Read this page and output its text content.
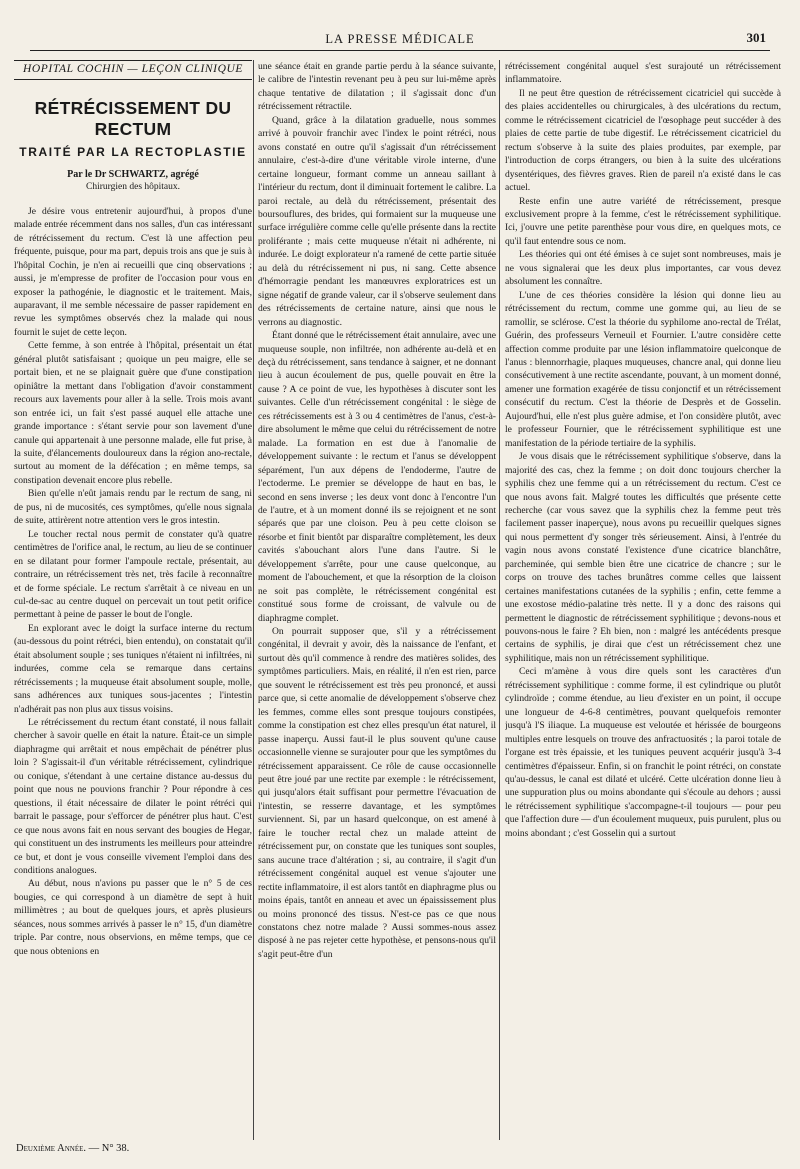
LA PRESSE MÉDICALE	301
HOPITAL COCHIN — LEÇON CLINIQUE
RÉTRÉCISSEMENT DU RECTUM
TRAITÉ PAR LA RECTOPLASTIE
Par le Dr SCHWARTZ, agrégé
Chirurgien des hôpitaux.

Je désire vous entretenir aujourd'hui, à propos d'une malade entrée récemment dans nos salles, d'un cas intéressant de rétrécissement du rectum. C'est là une affection peu fréquente, puisque, pour ma part, depuis trois ans que je suis à l'hôpital Cochin, je n'en ai recueilli que cinq observations ; aussi, je m'empresse de profiter de l'occasion pour vous en exposer la pathogénie, le diagnostic et le traitement. Mais, auparavant, il me semble nécessaire de passer rapidement en revue les symptômes observés chez la malade qui nous fournit le sujet de cette leçon.

Cette femme, à son entrée à l'hôpital, présentait un état général plutôt satisfaisant ; quoique un peu maigre, elle se portait bien, et ne se plaignait guère que d'une constipation opiniâtre la mettant dans l'obligation d'avoir constamment recours aux lavements pour aller à la selle. Trois mois avant son entrée ici, un fait s'est passé auquel elle attache une grande importance : s'étant servie pour son lavement d'une canule qui appartenait à une personne malade, elle fut prise, à la suite, d'élancements douloureux dans la région ano-rectale, surtout au moment de la défécation ; en même temps, sa constipation devenait encore plus rebelle.

Bien qu'elle n'eût jamais rendu par le rectum de sang, ni de pus, ni de mucosités, ces symptômes, qu'elle nous signala de suite, attirèrent notre attention vers le gros intestin.

Le toucher rectal nous permit de constater qu'à quatre centimètres de l'orifice anal, le rectum, au lieu de se continuer en se dilatant pour former l'ampoule rectale, présentait, au contraire, un rétrécissement très net, très facile à reconnaître et de forme spéciale. Le rectum s'arrêtait à ce niveau en un cul-de-sac au centre duquel on percevait un tout petit orifice permettant à peine de passer le bout de l'ongle.

En explorant avec le doigt la surface interne du rectum (au-dessous du point rétréci, bien entendu), on constatait qu'il était absolument souple ; ses tuniques n'étaient ni infiltrées, ni indurées, comme cela se remarque dans certains rétrécissements ; la muqueuse était absolument souple, molle, sans adhérences aux tuniques sous-jacentes ; l'intestin n'adhérait pas non plus aux tissus voisins.

Le rétrécissement du rectum étant constaté, il nous fallait chercher à savoir quelle en était la nature. Était-ce un simple diaphragme qui arrêtait et nous empêchait de pénétrer plus loin ? S'agissait-il d'un véritable rétrécissement, cylindrique ou conique, s'étendant à une certaine distance au-dessus du point que nous ne pouvions franchir ? Pour répondre à ces questions, il était nécessaire de dilater le point rétréci qui barrait le passage, pour s'efforcer de pénétrer plus haut. C'est ce que nous avons fait en nous servant des bougies de Hegar, qui constituent un des instruments les meilleurs pour atteindre ce but, et dont je vous conseille vivement l'emploi dans des conditions analogues.

Au début, nous n'avions pu passer que le n° 5 de ces bougies, ce qui correspond à un diamètre de sept à huit millimètres ; au bout de quelques jours, et après plusieurs séances, nous sommes arrivés à passer le n° 15, d'un diamètre triple. Par contre, nous observions, en même temps, que ce que nous obtenions en

une séance était en grande partie perdu à la séance suivante, le calibre de l'intestin revenant peu à peu sur lui-même après chaque tentative de dilatation ; il s'agissait donc d'un rétrécissement rétractile.

Quand, grâce à la dilatation graduelle, nous sommes arrivé à pouvoir franchir avec l'index le point rétréci, nous avons constaté en outre qu'il s'agissait d'un rétrécissement annulaire, c'est-à-dire d'une véritable virole interne, d'une certaine longueur, formant comme un anneau saillant à l'intérieur du rectum, dont il diminuait fortement le calibre. La paroi rectale, au delà du rétrécissement, présentait des boursouflures, des brides, qui formaient sur la muqueuse une surface irrégulière comme celle qu'elle présente dans la rectite proliférante ; mais cette muqueuse n'était ni adhérente, ni indurée. Le doigt explorateur n'a ramené de cette partie située au delà du rétrécissement ni pus, ni sang. Cette absence d'hémorragie pendant les manœuvres exploratrices est un signe négatif de grande valeur, car il s'observe seulement dans des rétrécissements de certaine nature, ainsi que nous le verrons au diagnostic.

Étant donné que le rétrécissement était annulaire, avec une muqueuse souple, non infiltrée, non adhérente au-delà et en deçà du rétrécissement, sans tendance à saigner, et ne donnant lieu à aucun écoulement de pus, quelle pouvait en être la cause ? A ce point de vue, les hypothèses à discuter sont les suivantes. Celle d'un rétrécissement congénital : le siège de ces rétrécissements est à 3 ou 4 centimètres de l'anus, c'est-à-dire absolument le même que celui du rétrécissement de notre malade. La formation en est due à l'anomalie de développement suivante : le rectum et l'anus se développent séparément, l'un aux dépens de l'endoderme, l'autre de l'ectoderme. Le premier se développe de haut en bas, le second en sens inverse ; les deux vont donc à l'encontre l'un de l'autre, et à un moment donné ils se rejoignent et ne sont séparés que par une cloison. Peu à peu cette cloison se résorbe et finit bientôt par disparaître complètement, les deux cavités s'abouchant alors l'une dans l'autre. Si le développement s'arrête, pour une cause quelconque, au moment de l'abouchement, et que la résorption de la cloison ne soit pas complète, le rétrécissement congénital est constitué sous forme de croissant, de valvule ou de diaphragme complet.

On pourrait supposer que, s'il y a rétrécissement congénital, il devrait y avoir, dès la naissance de l'enfant, et surtout dès qu'il commence à rendre des matières solides, des symptômes particuliers. Mais, en réalité, il n'en est rien, parce que souvent le rétrécissement est très peu prononcé, et aussi parce que, si cette anomalie de développement s'observe chez les femmes, comme elles sont presque toujours constipées, comme la constipation est chez elles presqu'un état naturel, il passe inaperçu. Aussi faut-il le plus souvent qu'une cause occasionnelle vienne se surajouter pour que les symptômes du rétrécissement apparaissent. Ce rôle de cause occasionnelle peut être joué par une rectite par exemple : le rétrécissement, qui jusqu'alors était suffisant pour permettre l'évacuation de l'intestin, se resserre davantage, et les symptômes surviennent. Si, par un hasard quelconque, on est amené à faire le toucher rectal chez un malade atteint de rétrécissement pur, on constate que les tuniques sont souples, sans aucune trace d'altération ; si, au contraire, il s'agit d'un rétrécissement congénital auquel est venue s'ajouter une rectite inflammatoire, il est alors tantôt en diaphragme plus ou moins épais, tantôt en anneau et avec un épaississement plus ou moins prononcé des tissus. N'est-ce pas ce que nous constatons chez notre malade ? Aussi sommes-nous assez disposé à ne pas rejeter cette hypothèse, et pensons-nous qu'il s'agit peut-être d'un

rétrécissement congénital auquel s'est surajouté un rétrécissement inflammatoire.

Il ne peut être question de rétrécissement cicatriciel qui succède à des plaies accidentelles ou chirurgicales, à des ulcérations du rectum, comme le rétrécissement cicatriciel de l'œsophage peut succéder à des plaies de cette partie de tube digestif. Le rétrécissement cicatriciel du rectum s'observe à la suite des plaies produites, par exemple, par l'introduction de corps étrangers, ou bien à la suite des ulcérations dysentériques, des fièvres graves. Rien de pareil n'a existé dans le cas actuel.

Reste enfin une autre variété de rétrécissement, presque exclusivement propre à la femme, c'est le rétrécissement syphilitique. Ici, j'ouvre une petite parenthèse pour vous dire, en quelques mots, ce qu'il faut entendre sous ce nom.

Les théories qui ont été émises à ce sujet sont nombreuses, mais je ne vous signalerai que les deux plus importantes, car vous devez absolument les connaître.

L'une de ces théories considère la lésion qui donne lieu au rétrécissement du rectum, comme une gomme qui, au lieu de se ramollir, se sclérose. C'est la théorie du syphilome ano-rectal de Trélat, Guérin, des professeurs Verneuil et Fournier. L'autre considère cette affection comme produite par une lésion inflammatoire quelconque de l'anus : blennorrhagie, plaques muqueuses, chancre anal, qui donne lieu consécutivement à une rectite ascendante, pouvant, à un moment donné, amener une formation exagérée de tissu conjonctif et un rétrécissement consécutif du rectum. C'est la théorie de Desprès et de Gosselin. Aujourd'hui, elle n'est plus guère admise, et l'on considère plutôt, avec le professeur Fournier, que le rétrécissement syphilitique est une manifestation de la période tertiaire de la syphilis.

Je vous disais que le rétrécissement syphilitique s'observe, dans la majorité des cas, chez la femme ; on doit donc toujours chercher la syphilis chez une femme qui a un rétrécissement du rectum. C'est ce que nous avons fait. Malgré toutes les difficultés que présente cette recherche (car vous savez que la syphilis chez la femme peut très facilement passer inaperçue), nous avons pu recueillir quelques signes qui nous permettent d'y songer très sérieusement. Ainsi, à l'entrée du vagin nous avons constaté l'existence d'une cicatrice blanchâtre, parcheminée, qui semble bien être une cicatrice de chancre ; sur le corps on trouve des taches brunâtres comme celles que laissent certaines manifestations cutanées de la syphilis ; enfin, cette femme a une exostose médio-palatine très nette. Il y a donc des raisons qui permettent le diagnostic de rétrécissement syphilitique ; devons-nous et pouvons-nous le faire ? Eh bien, non : malgré les antécédents presque certains de syphilis, je dirai que c'est un rétrécissement chez une syphilitique, mais non un rétrécissement syphilitique.

Ceci m'amène à vous dire quels sont les caractères d'un rétrécissement syphilitique : comme forme, il est cylindrique ou plutôt cylindroïde ; comme étendue, au lieu d'exister en un point, il occupe une longueur de 4-6-8 centimètres, pouvant quelquefois remonter jusqu'à l'S iliaque. La muqueuse est veloutée et hérissée de bourgeons multiples entre lesquels on trouve des anfractuosités ; la paroi totale de l'organe est très épaissie, et les tuniques peuvent acquérir jusqu'à 3-4 centimètres d'épaisseur. Enfin, si on franchit le point rétréci, on constate qu'au-dessus, le canal est dilaté et ulcéré. Cette ulcération donne lieu à une suppuration plus ou moins abondante qui s'écoule au dehors ; aussi le rétrécissement syphilitique s'accompagne-t-il toujours — pour peu que l'affection dure — d'un écoulement muqueux, puis purulent, plus ou moins abondant ; c'est Gosselin qui a surtout

Deuxième Année. — N° 38.
